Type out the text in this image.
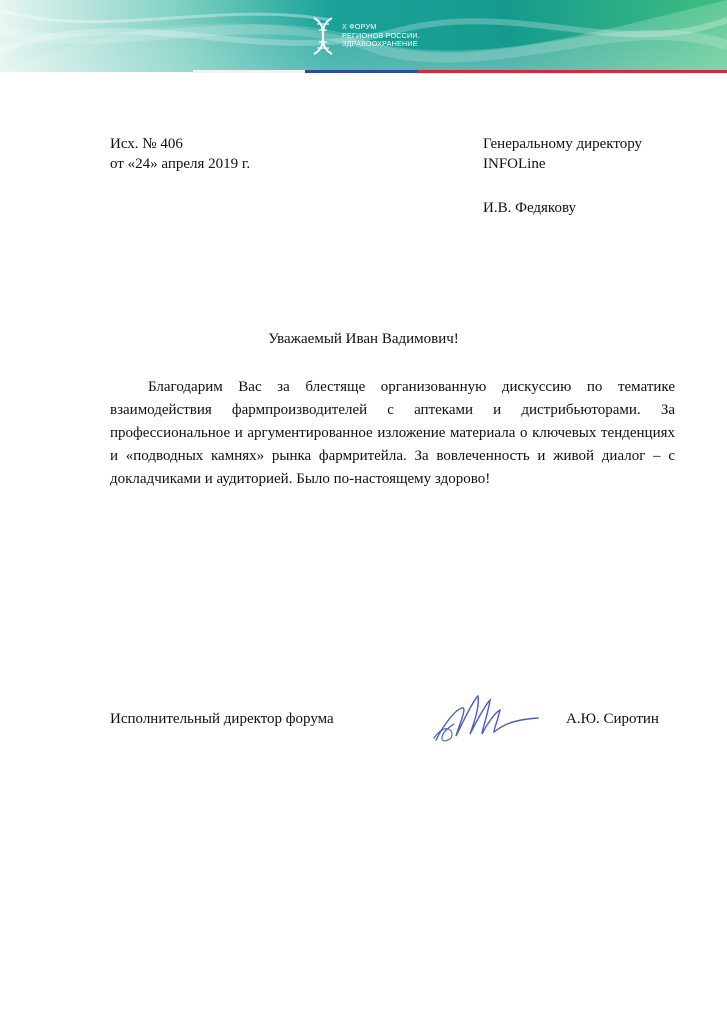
X ФОРУМ
РЕГИОНОВ РОССИИ.
ЗДРАВООХРАНЕНИЕ
Исх. № 406
от «24» апреля 2019 г.
Генеральному директору
INFOLine
И.В. Федякову
Уважаемый Иван Вадимович!

Благодарим Вас за блестяще организованную дискуссию по тематике взаимодействия фармпроизводителей с аптеками и дистрибьюторами. За профессиональное и аргументированное изложение материала о ключевых тенденциях и «подводных камнях» рынка фармритейла. За вовлеченность и живой диалог – с докладчиками и аудиторией. Было по-настоящему здорово!

Исполнительный директор форума	А.Ю. Сиротин
